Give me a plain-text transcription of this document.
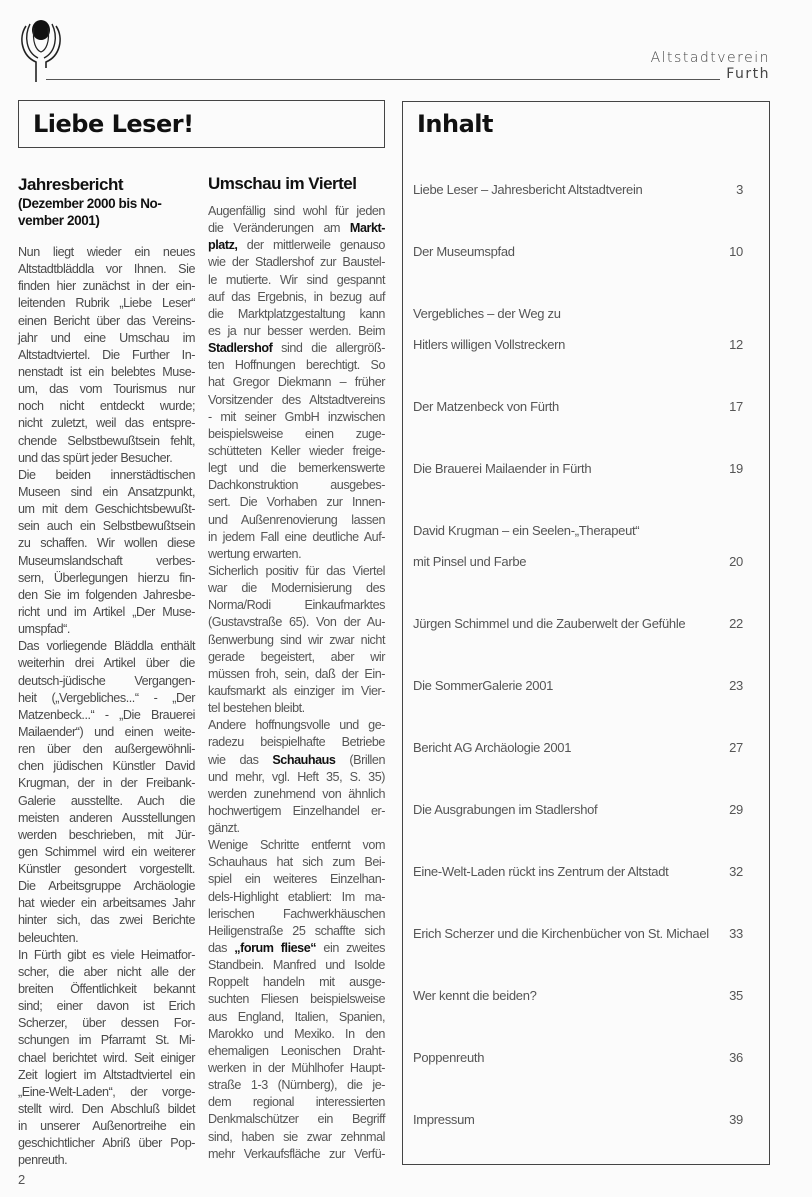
Altstadtverein
Furth
Liebe Leser!
Jahresbericht
(Dezember 2000 bis No-
vember 2001)
Nun liegt wieder ein neues
Altstadtbläddla vor Ihnen. Sie
finden hier zunächst in der ein-
leitenden Rubrik „Liebe Leser“
einen Bericht über das Vereins-
jahr und eine Umschau im
Altstadtviertel. Die Further In-
nenstadt ist ein belebtes Muse-
um, das vom Tourismus nur
noch nicht entdeckt wurde;
nicht zuletzt, weil das entspre-
chende Selbstbewußtsein fehlt,
und das spürt jeder Besucher.
Die beiden innerstädtischen
Museen sind ein Ansatzpunkt,
um mit dem Geschichtsbewußt-
sein auch ein Selbstbewußtsein
zu schaffen. Wir wollen diese
Museumslandschaft verbes-
sern, Überlegungen hierzu fin-
den Sie im folgenden Jahresbe-
richt und im Artikel „Der Muse-
umspfad“.
Das vorliegende Bläddla enthält
weiterhin drei Artikel über die
deutsch-jüdische Vergangen-
heit („Vergebliches...“ - „Der
Matzenbeck...“ - „Die Brauerei
Mailaender“) und einen weite-
ren über den außergewöhnli-
chen jüdischen Künstler David
Krugman, der in der Freibank-
Galerie ausstellte. Auch die
meisten anderen Ausstellungen
werden beschrieben, mit Jür-
gen Schimmel wird ein weiterer
Künstler gesondert vorgestellt.
Die Arbeitsgruppe Archäologie
hat wieder ein arbeitsames Jahr
hinter sich, das zwei Berichte
beleuchten.
In Fürth gibt es viele Heimatfor-
scher, die aber nicht alle der
breiten Öffentlichkeit bekannt
sind; einer davon ist Erich
Scherzer, über dessen For-
schungen im Pfarramt St. Mi-
chael berichtet wird. Seit einiger
Zeit logiert im Altstadtviertel ein
„Eine-Welt-Laden“, der vorge-
stellt wird. Den Abschluß bildet
in unserer Außenortreihe ein
geschichtlicher Abriß über Pop-
penreuth.
Umschau im Viertel
Augenfällig sind wohl für jeden
die Veränderungen am Markt-
platz, der mittlerweile genauso
wie der Stadlershof zur Baustel-
le mutierte. Wir sind gespannt
auf das Ergebnis, in bezug auf
die Marktplatzgestaltung kann
es ja nur besser werden. Beim
Stadlershof sind die allergröß-
ten Hoffnungen berechtigt. So
hat Gregor Diekmann – früher
Vorsitzender des Altstadtvereins
- mit seiner GmbH inzwischen
beispielsweise einen zuge-
schütteten Keller wieder freige-
legt und die bemerkenswerte
Dachkonstruktion ausgebes-
sert. Die Vorhaben zur Innen-
und Außenrenovierung lassen
in jedem Fall eine deutliche Auf-
wertung erwarten.
Sicherlich positiv für das Viertel
war die Modernisierung des
Norma/Rodi Einkaufmarktes
(Gustavstraße 65). Von der Au-
ßenwerbung sind wir zwar nicht
gerade begeistert, aber wir
müssen froh, sein, daß der Ein-
kaufsmarkt als einziger im Vier-
tel bestehen bleibt.
Andere hoffnungsvolle und ge-
radezu beispielhafte Betriebe
wie das Schauhaus (Brillen
und mehr, vgl. Heft 35, S. 35)
werden zunehmend von ähnlich
hochwertigem Einzelhandel er-
gänzt.
Wenige Schritte entfernt vom
Schauhaus hat sich zum Bei-
spiel ein weiteres Einzelhan-
dels-Highlight etabliert: Im ma-
lerischen Fachwerkhäuschen
Heiligenstraße 25 schaffte sich
das „forum fliese“ ein zweites
Standbein. Manfred und Isolde
Roppelt handeln mit ausge-
suchten Fliesen beispielsweise
aus England, Italien, Spanien,
Marokko und Mexiko. In den
ehemaligen Leonischen Draht-
werken in der Mühlhofer Haupt-
straße 1-3 (Nürnberg), die je-
dem regional interessierten
Denkmalschützer ein Begriff
sind, haben sie zwar zehnmal
mehr Verkaufsfläche zur Verfü-
Inhalt
Liebe Leser – Jahresbericht Altstadtverein	3
Der Museumspfad	10
Vergebliches – der Weg zu
Hitlers willigen Vollstreckern	12
Der Matzenbeck von Fürth	17
Die Brauerei Mailaender in Fürth	19
David Krugman – ein Seelen-„Therapeut“
mit Pinsel und Farbe	20
Jürgen Schimmel und die Zauberwelt der Gefühle	22
Die SommerGalerie 2001	23
Bericht AG Archäologie 2001	27
Die Ausgrabungen im Stadlershof	29
Eine-Welt-Laden rückt ins Zentrum der Altstadt	32
Erich Scherzer und die Kirchenbücher von St. Michael 33
Wer kennt die beiden?	35
Poppenreuth	36
Impressum	39
2
